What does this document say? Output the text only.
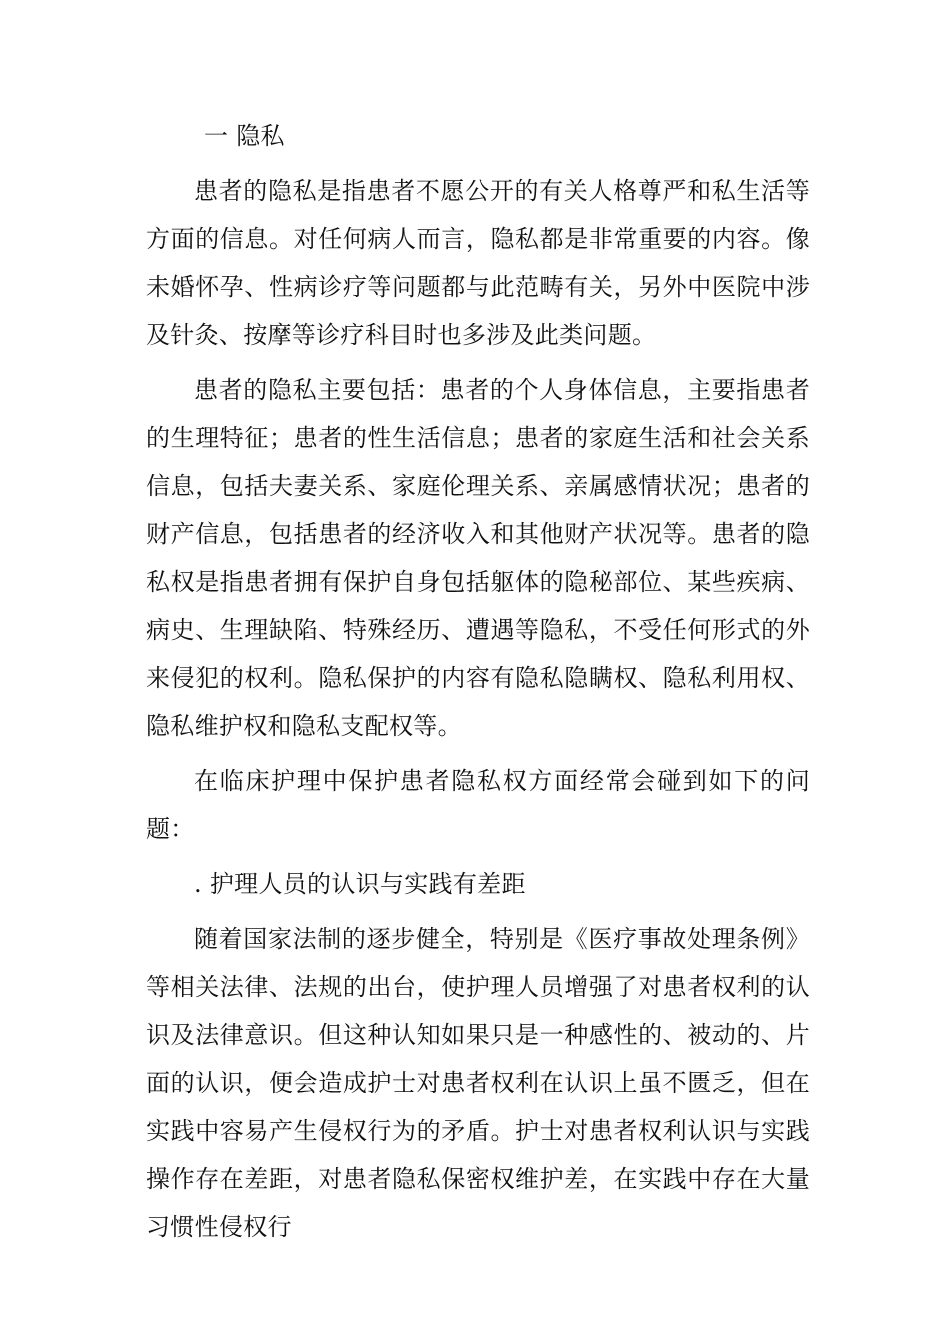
一 隐私

患者的隐私是指患者不愿公开的有关人格尊严和私生活等方面的信息。对任何病人而言，隐私都是非常重要的内容。像未婚怀孕、性病诊疗等问题都与此范畴有关，另外中医院中涉及针灸、按摩等诊疗科目时也多涉及此类问题。

患者的隐私主要包括：患者的个人身体信息，主要指患者的生理特征；患者的性生活信息；患者的家庭生活和社会关系信息，包括夫妻关系、家庭伦理关系、亲属感情状况；患者的财产信息，包括患者的经济收入和其他财产状况等。患者的隐私权是指患者拥有保护自身包括躯体的隐秘部位、某些疾病、病史、生理缺陷、特殊经历、遭遇等隐私，不受任何形式的外来侵犯的权利。隐私保护的内容有隐私隐瞒权、隐私利用权、隐私维护权和隐私支配权等。

在临床护理中保护患者隐私权方面经常会碰到如下的问题：

. 护理人员的认识与实践有差距

随着国家法制的逐步健全，特别是《医疗事故处理条例》等相关法律、法规的出台，使护理人员增强了对患者权利的认识及法律意识。但这种认知如果只是一种感性的、被动的、片面的认识，便会造成护士对患者权利在认识上虽不匮乏，但在实践中容易产生侵权行为的矛盾。护士对患者权利认识与实践操作存在差距，对患者隐私保密权维护差，在实践中存在大量习惯性侵权行
